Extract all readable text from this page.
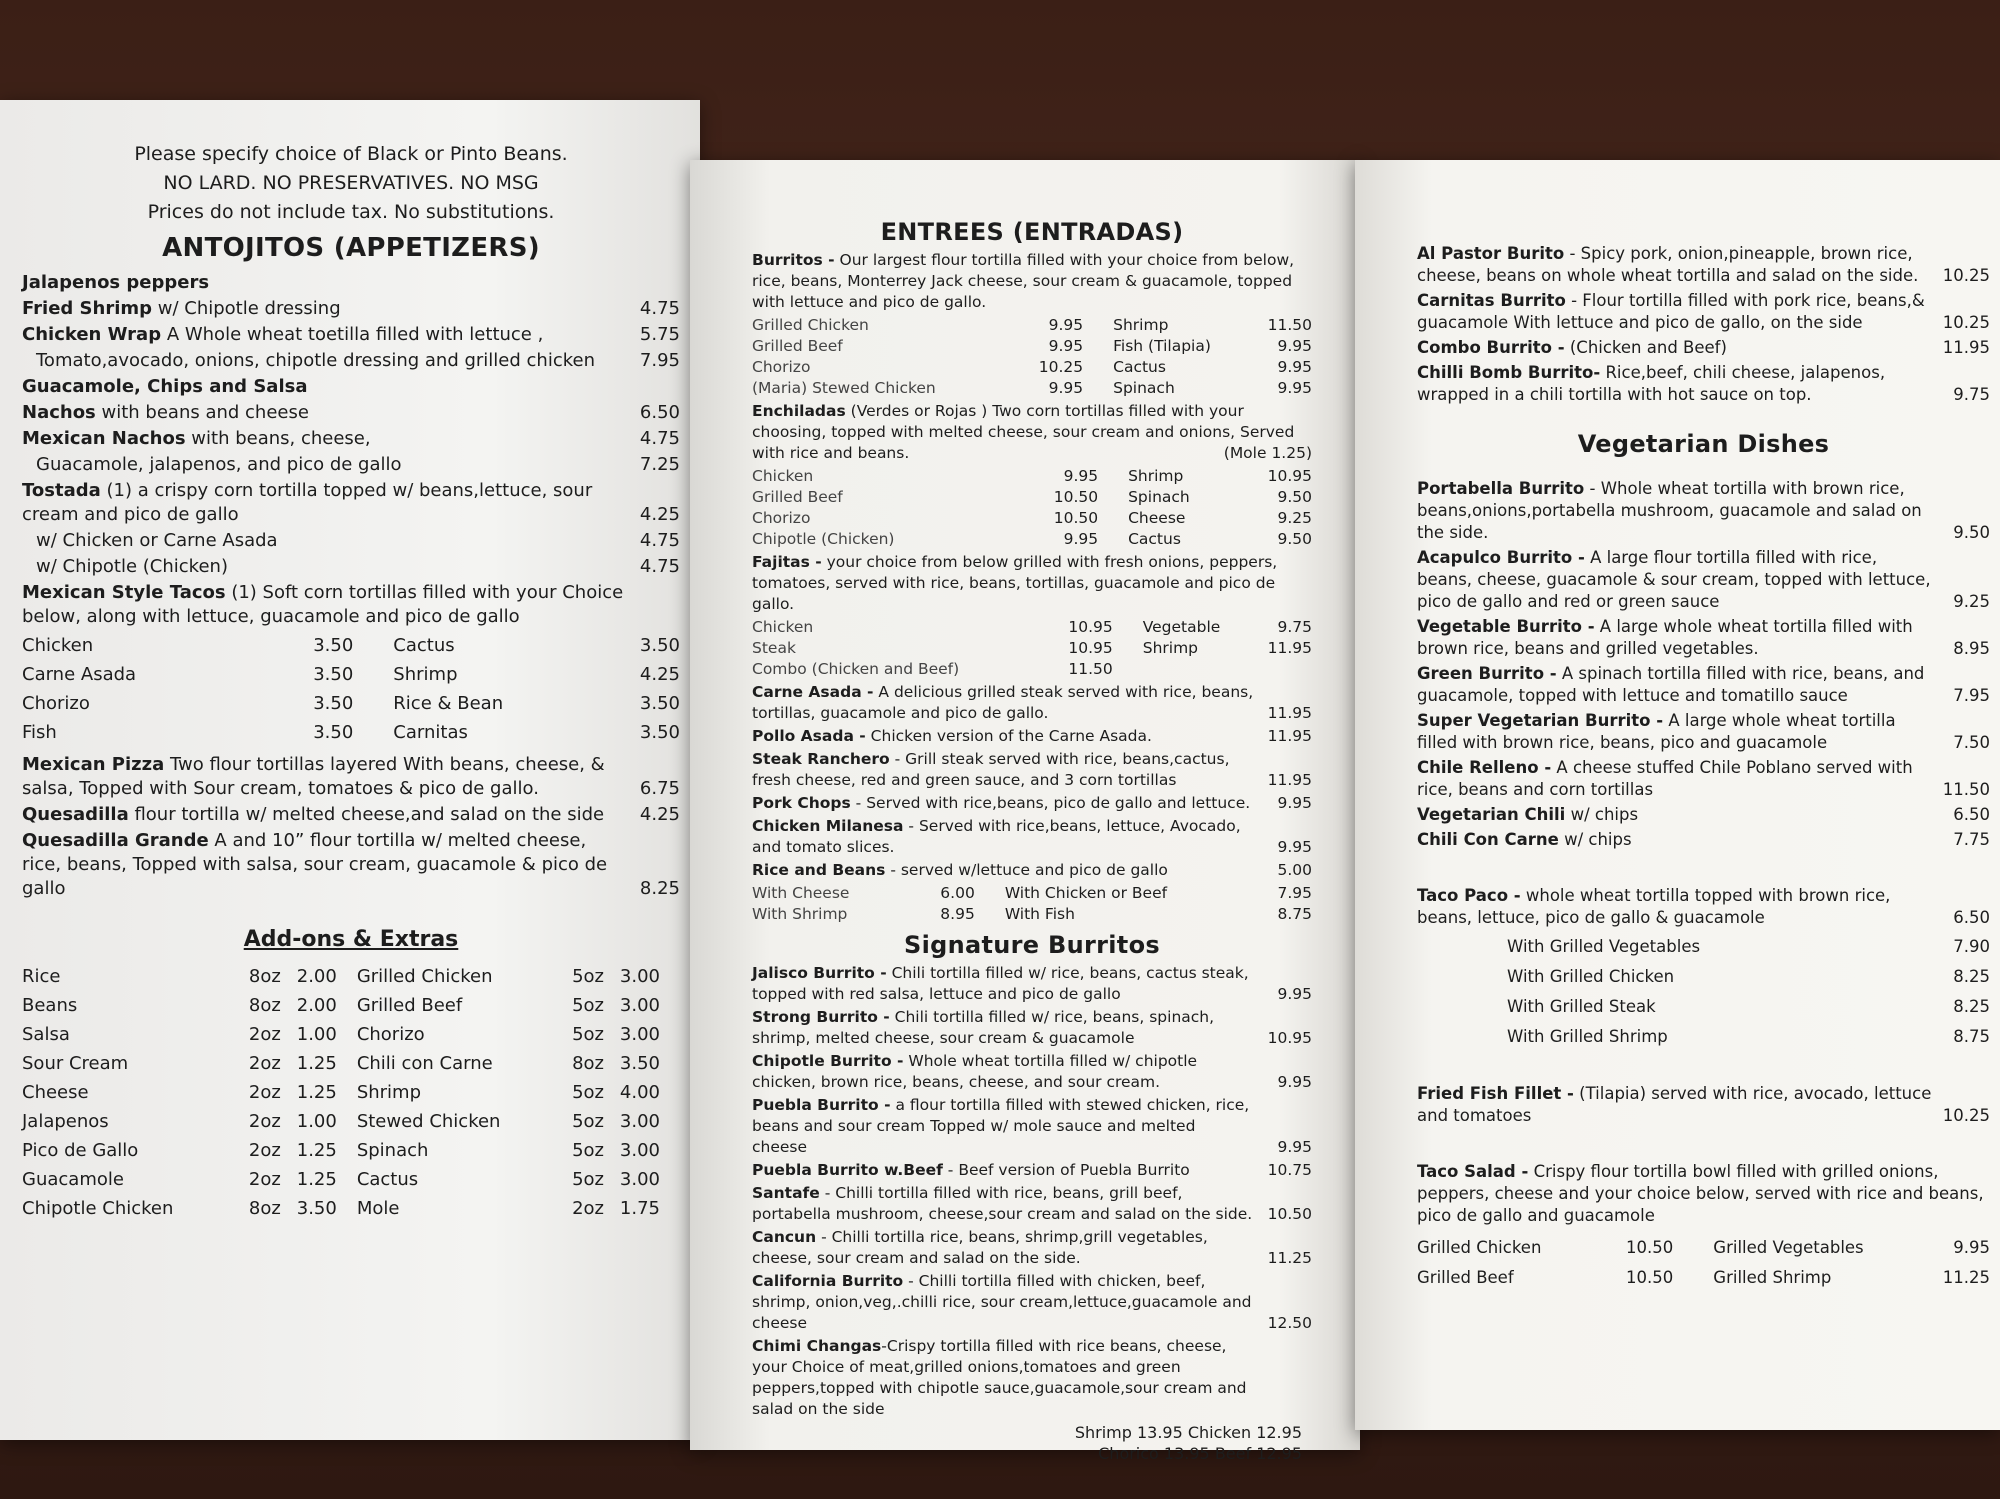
Please specify choice of Black or Pinto Beans.
NO LARD. NO PRESERVATIVES. NO MSG
Prices do not include tax. No substitutions.
ANTOJITOS (APPETIZERS)
Jalapenos peppers
Fried Shrimp w/ Chipotle dressing	4.75
Chicken Wrap A Whole wheat toetilla filled with lettuce ,	5.75
Tomato,avocado, onions, chipotle dressing and grilled chicken	7.95
Guacamole, Chips and Salsa
Nachos with beans and cheese	6.50
Mexican Nachos with beans, cheese,	4.75
Guacamole, jalapenos, and pico de gallo	7.25
Tostada (1) a crispy corn tortilla topped w/ beans,lettuce, sour cream and pico de gallo	4.25
w/ Chicken or Carne Asada	4.75
w/ Chipotle (Chicken)	4.75
Mexican Style Tacos (1) Soft corn tortillas filled with your Choice below, along with lettuce, guacamole and pico de gallo
Chicken	3.50	Cactus	3.50
Carne Asada	3.50	Shrimp	4.25
Chorizo	3.50	Rice & Bean	3.50
Fish	3.50	Carnitas	3.50
Mexican Pizza Two flour tortillas layered With beans, cheese, & salsa, Topped with Sour cream, tomatoes & pico de gallo.	6.75
Quesadilla flour tortilla w/ melted cheese,and salad on the side	4.25
Quesadilla Grande A and 10” flour tortilla w/ melted cheese, rice, beans, Topped with salsa, sour cream, guacamole & pico de gallo	8.25
Add-ons & Extras
Rice	8oz	2.00	Grilled Chicken	5oz	3.00
Beans	8oz	2.00	Grilled Beef	5oz	3.00
Salsa	2oz	1.00	Chorizo	5oz	3.00
Sour Cream	2oz	1.25	Chili con Carne	8oz	3.50
Cheese	2oz	1.25	Shrimp	5oz	4.00
Jalapenos	2oz	1.00	Stewed Chicken	5oz	3.00
Pico de Gallo	2oz	1.25	Spinach	5oz	3.00
Guacamole	2oz	1.25	Cactus	5oz	3.00
Chipotle Chicken	8oz	3.50	Mole	2oz	1.75
ENTREES (ENTRADAS)
Burritos - Our largest flour tortilla filled with your choice from below, rice, beans, Monterrey Jack cheese, sour cream & guacamole, topped with lettuce and pico de gallo.
Grilled Chicken	9.95	Shrimp	11.50
Grilled Beef	9.95	Fish (Tilapia)	9.95
Chorizo	10.25	Cactus	9.95
(Maria) Stewed Chicken	9.95	Spinach	9.95
Enchiladas (Verdes or Rojas ) Two corn tortillas filled with your choosing, topped with melted cheese, sour cream and onions, Served with rice and beans.	(Mole 1.25)
Chicken	9.95	Shrimp	10.95
Grilled Beef	10.50	Spinach	9.50
Chorizo	10.50	Cheese	9.25
Chipotle (Chicken)	9.95	Cactus	9.50
Fajitas - your choice from below grilled with fresh onions, peppers, tomatoes, served with rice, beans, tortillas, guacamole and pico de gallo.
Chicken	10.95	Vegetable	9.75
Steak	10.95	Shrimp	11.95
Combo (Chicken and Beef)	11.50		
Carne Asada - A delicious grilled steak served with rice, beans, tortillas, guacamole and pico de gallo.	11.95
Pollo Asada - Chicken version of the Carne Asada.	11.95
Steak Ranchero - Grill steak served with rice, beans,cactus, fresh cheese, red and green sauce, and 3 corn tortillas	11.95
Pork Chops - Served with rice,beans, pico de gallo and lettuce.	9.95
Chicken Milanesa - Served with rice,beans, lettuce, Avocado, and tomato slices.	9.95
Rice and Beans - served w/lettuce and pico de gallo	5.00
With Cheese	6.00	With Chicken or Beef	7.95
With Shrimp	8.95	With Fish	8.75
Signature Burritos
Jalisco Burrito - Chili tortilla filled w/ rice, beans, cactus steak, topped with red salsa, lettuce and pico de gallo	9.95
Strong Burrito - Chili tortilla filled w/ rice, beans, spinach, shrimp, melted cheese, sour cream & guacamole	10.95
Chipotle Burrito - Whole wheat tortilla filled w/ chipotle chicken, brown rice, beans, cheese, and sour cream.	9.95
Puebla Burrito - a flour tortilla filled with stewed chicken, rice, beans and sour cream Topped w/ mole sauce and melted cheese	9.95
Puebla Burrito w.Beef - Beef version of Puebla Burrito	10.75
Santafe - Chilli tortilla filled with rice, beans, grill beef, portabella mushroom, cheese,sour cream and salad on the side. 10.50
Cancun - Chilli tortilla rice, beans, shrimp,grill vegetables, cheese, sour cream and salad on the side.	11.25
California Burrito - Chilli tortilla filled with chicken, beef, shrimp, onion,veg,.chilli rice, sour cream,lettuce,guacamole and cheese	12.50
Chimi Changas-Crispy tortilla filled with rice beans, cheese, your Choice of meat,grilled onions,tomatoes and green peppers,topped with chipotle sauce,guacamole,sour cream and salad on the side
Shrimp 13.95 Chicken 12.95
Chorico 13.95 Beef 12.95
Al Pastor Burito - Spicy pork, onion,pineapple, brown rice, cheese, beans on whole wheat tortilla and salad on the side.	10.25
Carnitas Burrito - Flour tortilla filled with pork rice, beans,& guacamole With lettuce and pico de gallo, on the side	10.25
Combo Burrito - (Chicken and Beef)	11.95
Chilli Bomb Burrito- Rice,beef, chili cheese, jalapenos, wrapped in a chili tortilla with hot sauce on top.	9.75
Vegetarian Dishes
Portabella Burrito - Whole wheat tortilla with brown rice, beans,onions,portabella mushroom, guacamole and salad on the side.	9.50
Acapulco Burrito - A large flour tortilla filled with rice, beans, cheese, guacamole & sour cream, topped with lettuce, pico de gallo and red or green sauce	9.25
Vegetable Burrito - A large whole wheat tortilla filled with brown rice, beans and grilled vegetables.	8.95
Green Burrito - A spinach tortilla filled with rice, beans, and guacamole, topped with lettuce and tomatillo sauce	7.95
Super Vegetarian Burrito - A large whole wheat tortilla filled with brown rice, beans, pico and guacamole	7.50
Chile Relleno - A cheese stuffed Chile Poblano served with rice, beans and corn tortillas	11.50
Vegetarian Chili w/ chips	6.50
Chili Con Carne w/ chips	7.75
Taco Paco - whole wheat tortilla topped with brown rice, beans, lettuce, pico de gallo & guacamole	6.50
With Grilled Vegetables	7.90
With Grilled Chicken	8.25
With Grilled Steak	8.25
With Grilled Shrimp	8.75
Fried Fish Fillet - (Tilapia) served with rice, avocado, lettuce and tomatoes	10.25
Taco Salad - Crispy flour tortilla bowl filled with grilled onions, peppers, cheese and your choice below, served with rice and beans, pico de gallo and guacamole
Grilled Chicken	10.50	Grilled Vegetables	9.95
Grilled Beef	10.50	Grilled Shrimp	11.25
